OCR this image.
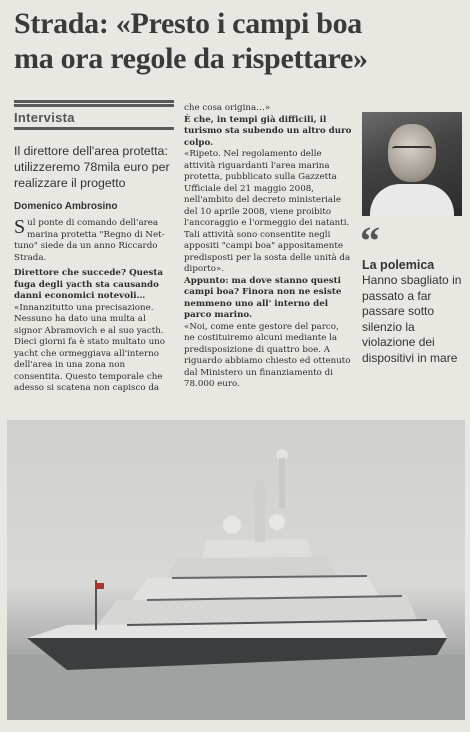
Strada: «Presto i campi boa
ma ora regole da rispettare»
Intervista
Il direttore dell'area protetta: utilizzeremo 78mila euro per realizzare il progetto
Domenico Ambrosino

Sul ponte di comando dell'area marina protetta "Regno di Net-tuno" siede da un anno Riccardo Strada.

Direttore che succede? Questa fuga degli yacth sta causando danni economici notevoli…

«Innanzitutto una precisazione. Nessuno ha dato una multa al signor Abramovich e al suo yacth. Dieci giorni fa è stato multato uno yacht che ormeggiava all'interno dell'area in una zona non consentita. Questo temporale che adesso si scatena non capisco da

che cosa origina…»

È che, in tempi già difficili, il turismo sta subendo un altro duro colpo.

«Ripeto. Nel regolamento delle attività riguardanti l'area marina protetta, pubblicato sulla Gazzetta Ufficiale del 21 maggio 2008, nell'ambito del decreto ministeriale del 10 aprile 2008, viene proibito l'ancoraggio e l'ormeggio dei natanti. Tali attività sono consentite negli appositi "campi boa" appositamente predisposti per la sosta delle unità da diporto».

Appunto: ma dove stanno questi campi boa? Finora non ne esiste nemmeno uno all' interno del parco marino.

«Noi, come ente gestore del parco, ne costituiremo alcuni mediante la predisposizione di quattro boe. A riguardo abbiamo chiesto ed ottenuto dal Ministero un finanziamento di 78.000 euro.

“
La polemica
Hanno sbagliato in passato a far passare sotto silenzio la violazione dei dispositivi in mare
